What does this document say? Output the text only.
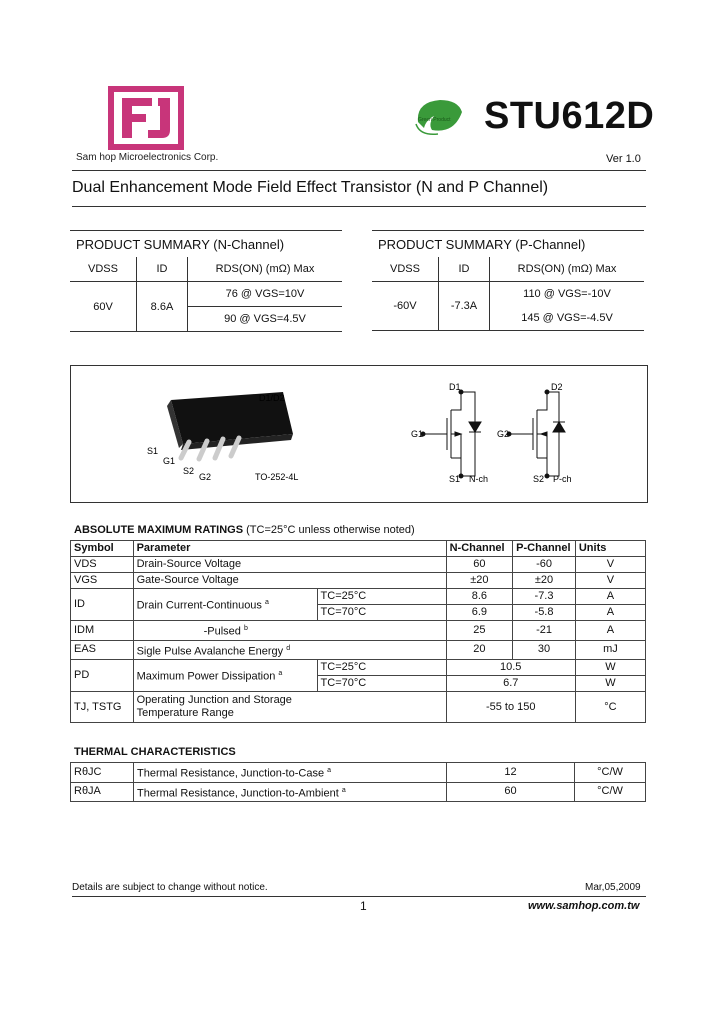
Sam hop Microelectronics Corp.
Green Product STU612D
Ver 1.0
Dual Enhancement Mode Field Effect Transistor (N and P Channel)
PRODUCT SUMMARY (N-Channel)		
VDSS	ID	RDS(ON) (mΩ) Max
60V	8.6A	76 @ VGS=10V
		90 @ VGS=4.5V
PRODUCT SUMMARY (P-Channel)		
VDSS	ID	RDS(ON) (mΩ) Max
-60V	-7.3A	110 @ VGS=-10V
		145 @ VGS=-4.5V
D1/D2
S1
G1
S2
G2	TO-252-4L
D1
G1
S1 N-ch
D2
G2
S2 P-ch
ABSOLUTE MAXIMUM RATINGS (TC=25°C unless otherwise noted)
Symbol	Parameter		N-Channel	P-Channel	Units
VDS	Drain-Source Voltage		60	-60	V
VGS	Gate-Source Voltage		±20	±20	V
ID	Drain Current-Continuous $^a$	TC=25°C	8.6	-7.3	A
		TC=70°C	6.9	-5.8	A
IDM	-Pulsed $^b$		25	-21	A
EAS	Sigle Pulse Avalanche Energy $^d$		20	30	mJ
PD	Maximum Power Dissipation $^a$	TC=25°C	10.5		W
		TC=70°C	6.7		W
TJ, TSTG	Operating Junction and Storage
Temperature Range		-55 to 150		°C
THERMAL CHARACTERISTICS
RθJC	Thermal Resistance, Junction-to-Case $^a$	12	°C/W
RθJA	Thermal Resistance, Junction-to-Ambient $^a$	60	°C/W
Details are subject to change without notice.	Mar,05,2009
1	www.samhop.com.tw
